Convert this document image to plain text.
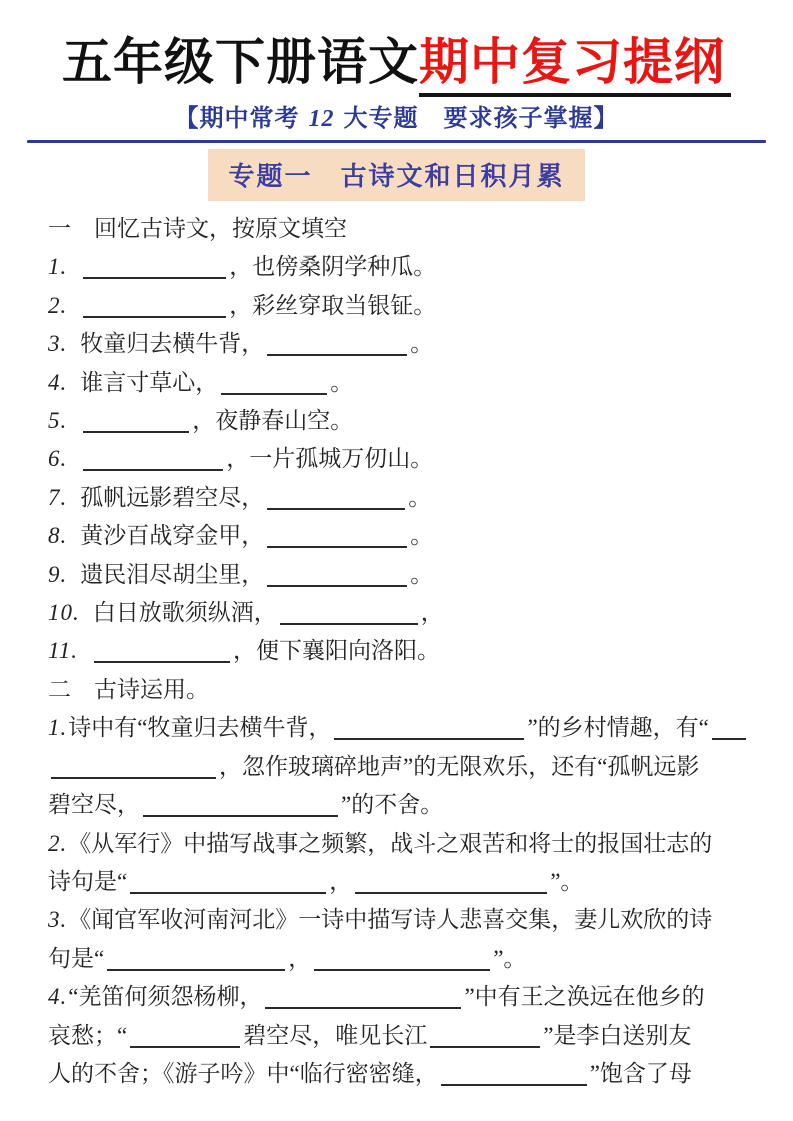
五年级下册语文期中复习提纲
【期中常考 12 大专题　要求孩子掌握】
专题一　古诗文和日积月累
一　回忆古诗文，按原文填空
1.	，也傍桑阴学种瓜。
2.	，彩丝穿取当银钲。
3. 牧童归去横牛背，	。
4. 谁言寸草心，	。
5.	，夜静春山空。
6.	，一片孤城万仞山。
7. 孤帆远影碧空尽，	。
8. 黄沙百战穿金甲，	。
9. 遗民泪尽胡尘里，	。
10. 白日放歌须纵酒，	，
11.	，便下襄阳向洛阳。
二　古诗运用。
1.诗中有“牧童归去横牛背，	”的乡村情趣，有“
，忽作玻璃碎地声”的无限欢乐，还有“孤帆远影
碧空尽，	”的不舍。
2.《从军行》中描写战事之频繁，战斗之艰苦和将士的报国壮志的
诗句是“	，	”。
3.《闻官军收河南河北》一诗中描写诗人悲喜交集，妻儿欢欣的诗
句是“	，	”。
4.“羌笛何须怨杨柳，	”中有王之涣远在他乡的
哀愁；“	碧空尽，唯见长江	”是李白送别友
人的不舍；《游子吟》中“临行密密缝，	”饱含了母
